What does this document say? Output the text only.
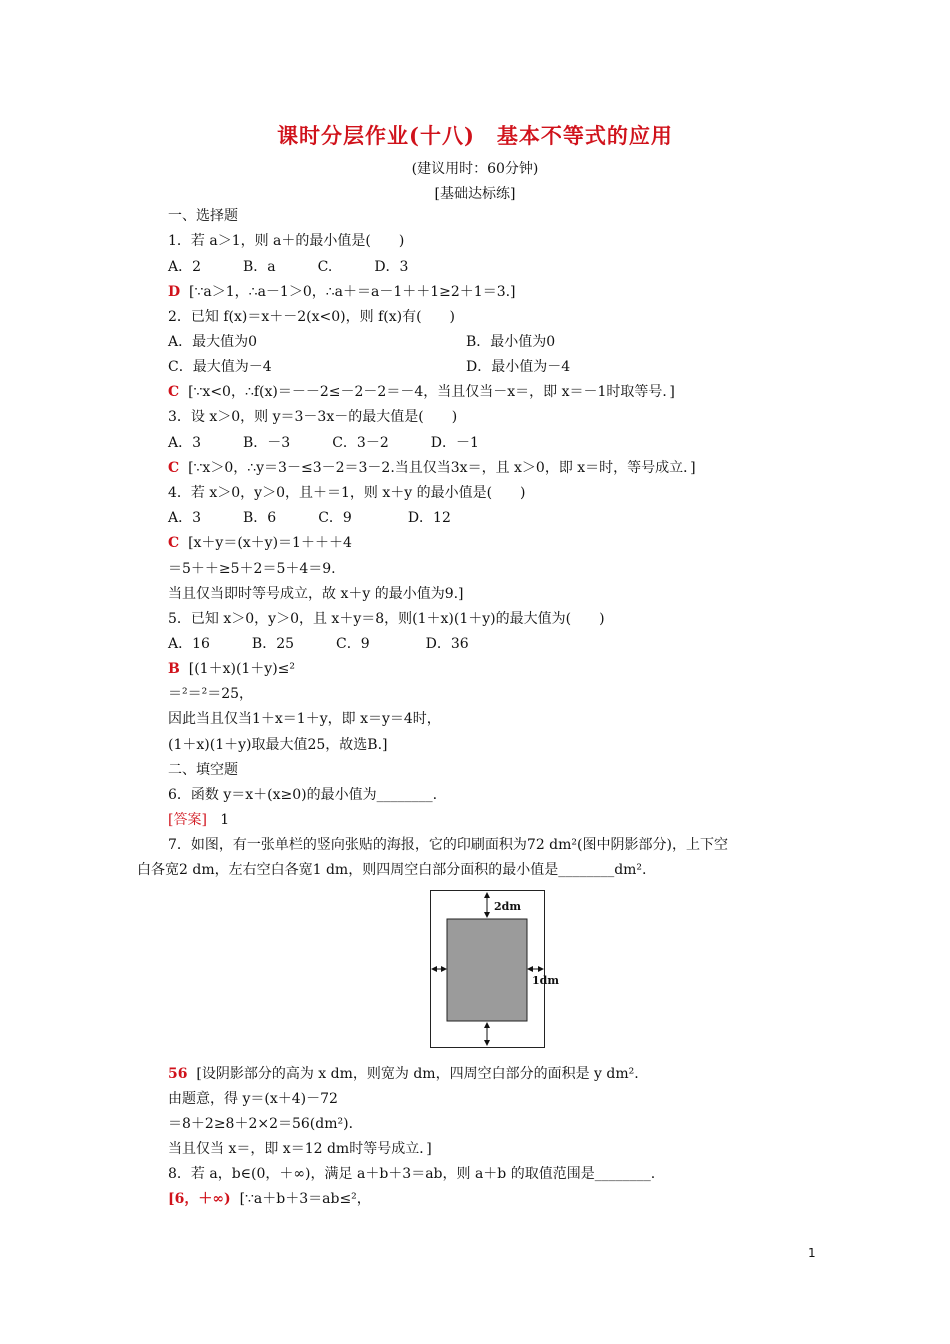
课时分层作业(十八)　基本不等式的应用
(建议用时：60分钟)
[基础达标练]
一、选择题
1．若 a＞1，则 a＋的最小值是(　　)
A．2　　　B．a　　　C.　　　D．3
D [∵a＞1，∴a－1＞0，∴a＋＝a－1＋＋1≥2＋1＝3.]
2．已知 f(x)＝x＋－2(x<0)，则 f(x)有(　　)
A．最大值为0	B．最小值为0
C．最大值为－4	D．最小值为－4
C [∵x<0，∴f(x)＝－－2≤－2－2＝－4，当且仅当－x＝，即 x＝－1时取等号．]
3．设 x＞0，则 y＝3－3x－的最大值是(　　)
A．3　　　B．－3　　　C．3－2　　　D．－1
C [∵x＞0，∴y＝3－≤3－2＝3－2.当且仅当3x＝，且 x＞0，即 x＝时，等号成立．]
4．若 x＞0，y＞0，且＋＝1，则 x＋y 的最小值是(　　)
A．3　　　B．6　　　C．9　　　　D．12
C [x＋y＝(x＋y)＝1＋＋＋4
＝5＋＋≥5＋2＝5＋4＝9.
当且仅当即时等号成立，故 x＋y 的最小值为9.]
5．已知 x＞0，y＞0，且 x＋y＝8，则(1＋x)(1＋y)的最大值为(　　)
A．16　　　B．25　　　C．9　　　　D．36
B [(1＋x)(1＋y)≤²
＝²＝²＝25，
因此当且仅当1＋x＝1＋y，即 x＝y＝4时，
(1＋x)(1＋y)取最大值25，故选B.]
二、填空题
6．函数 y＝x＋(x≥0)的最小值为________.
[答案] 1
7．如图，有一张单栏的竖向张贴的海报，它的印刷面积为72 dm²(图中阴影部分)，上下空
白各宽2 dm，左右空白各宽1 dm，则四周空白部分面积的最小值是________dm².
2dm
1dm
56 [设阴影部分的高为 x dm，则宽为 dm，四周空白部分的面积是 y dm².
由题意，得 y＝(x＋4)－72
＝8＋2≥8＋2×2＝56(dm²)．
当且仅当 x＝，即 x＝12 dm时等号成立．]
8．若 a，b∈(0，＋∞)，满足 a＋b＋3＝ab，则 a＋b 的取值范围是________.
[6，＋∞) [∵a＋b＋3＝ab≤²，
1
